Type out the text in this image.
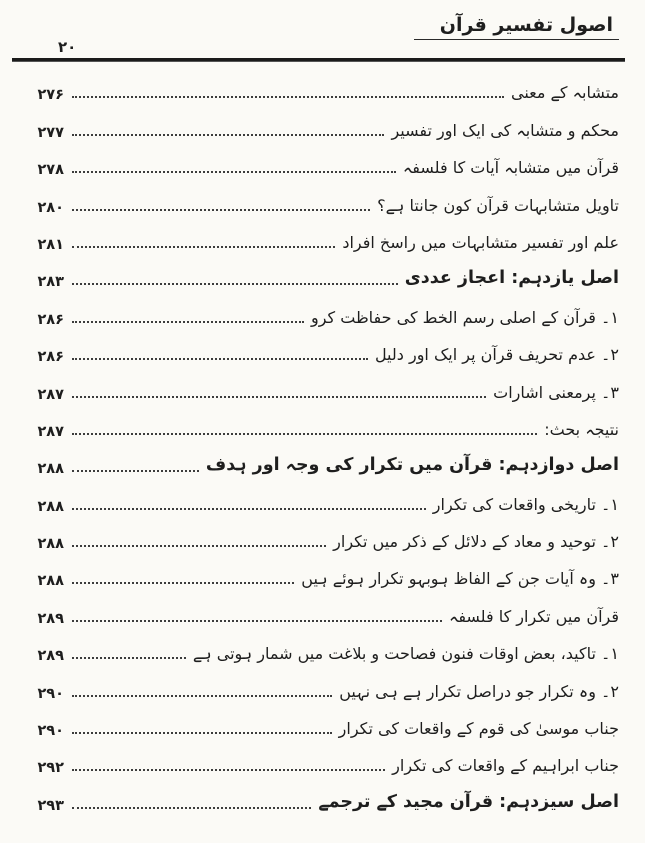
اصول تفسیر قرآن
۲۰
متشابہ کے معنی
۲۷۶
محکم و متشابہ کی ایک اور تفسیر
۲۷۷
قرآن میں متشابہ آیات کا فلسفہ
۲۷۸
تاویل متشابہات قرآن کون جانتا ہے؟
۲۸۰
علم اور تفسیر متشابہات میں راسخ افراد
۲۸۱
اصل یازدہم: اعجاز عددی
۲۸۳
۱۔ قرآن کے اصلی رسم الخط کی حفاظت کرو
۲۸۶
۲۔ عدم تحریف قرآن پر ایک اور دلیل
۲۸۶
۳۔ پرمعنی اشارات
۲۸۷
نتیجہ بحث:
۲۸۷
اصل دوازدہم: قرآن میں تکرار کی وجہ اور ہدف
۲۸۸
۱۔ تاریخی واقعات کی تکرار
۲۸۸
۲۔ توحید و معاد کے دلائل کے ذکر میں تکرار
۲۸۸
۳۔ وہ آیات جن کے الفاظ ہوبہو تکرار ہوئے ہیں
۲۸۸
قرآن میں تکرار کا فلسفہ
۲۸۹
۱۔ تاکید، بعض اوقات فنون فصاحت و بلاغت میں شمار ہوتی ہے
۲۸۹
۲۔ وہ تکرار جو دراصل تکرار ہے ہی نہیں
۲۹۰
جناب موسیٰ کی قوم کے واقعات کی تکرار
۲۹۰
جناب ابراہیم کے واقعات کی تکرار
۲۹۲
اصل سیزدہم: قرآن مجید کے ترجمے
۲۹۳
